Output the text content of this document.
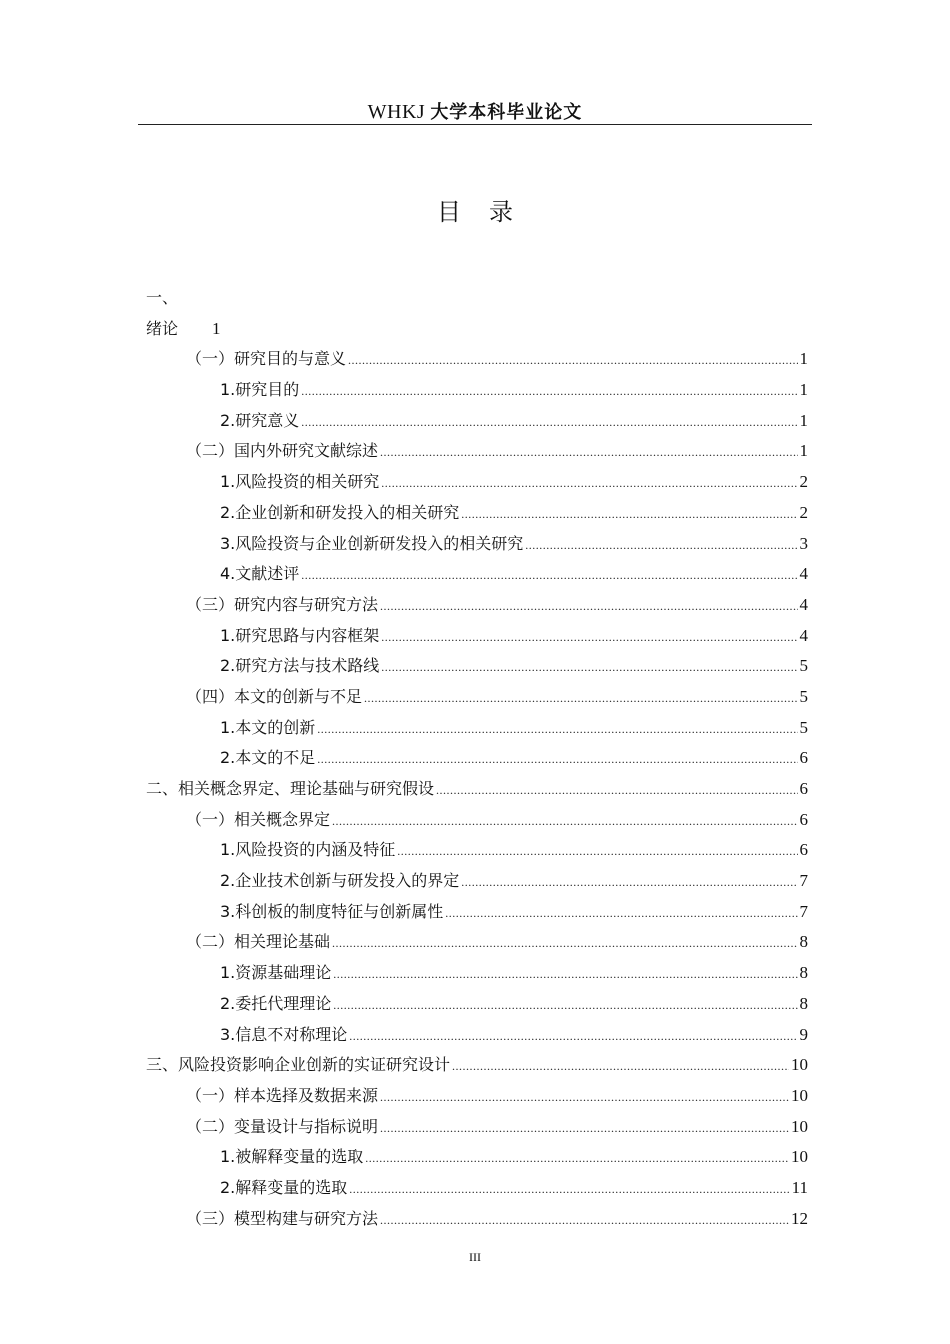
WHKJ 大学本科毕业论文
目录
一、
绪论 1
（一）研究目的与意义 .....	1
1.研究目的 .....	1
2.研究意义 .....	1
（二）国内外研究文献综述 .....	1
1.风险投资的相关研究 .....	2
2.企业创新和研发投入的相关研究 .....	2
3.风险投资与企业创新研发投入的相关研究 .....	3
4.文献述评 .....	4
（三）研究内容与研究方法 .....	4
1.研究思路与内容框架 .....	4
2.研究方法与技术路线 .....	5
（四）本文的创新与不足 .....	5
1.本文的创新 .....	5
2.本文的不足 .....	6
二、相关概念界定、理论基础与研究假设 .....	6
（一）相关概念界定 .....	6
1.风险投资的内涵及特征 .....	6
2.企业技术创新与研发投入的界定 .....	7
3.科创板的制度特征与创新属性 .....	7
（二）相关理论基础 .....	8
1.资源基础理论 .....	8
2.委托代理理论 .....	8
3.信息不对称理论 .....	9
三、风险投资影响企业创新的实证研究设计 .....	10
（一）样本选择及数据来源 .....	10
（二）变量设计与指标说明 .....	10
1.被解释变量的选取 .....	10
2.解释变量的选取 .....	11
（三）模型构建与研究方法 .....	12
III
